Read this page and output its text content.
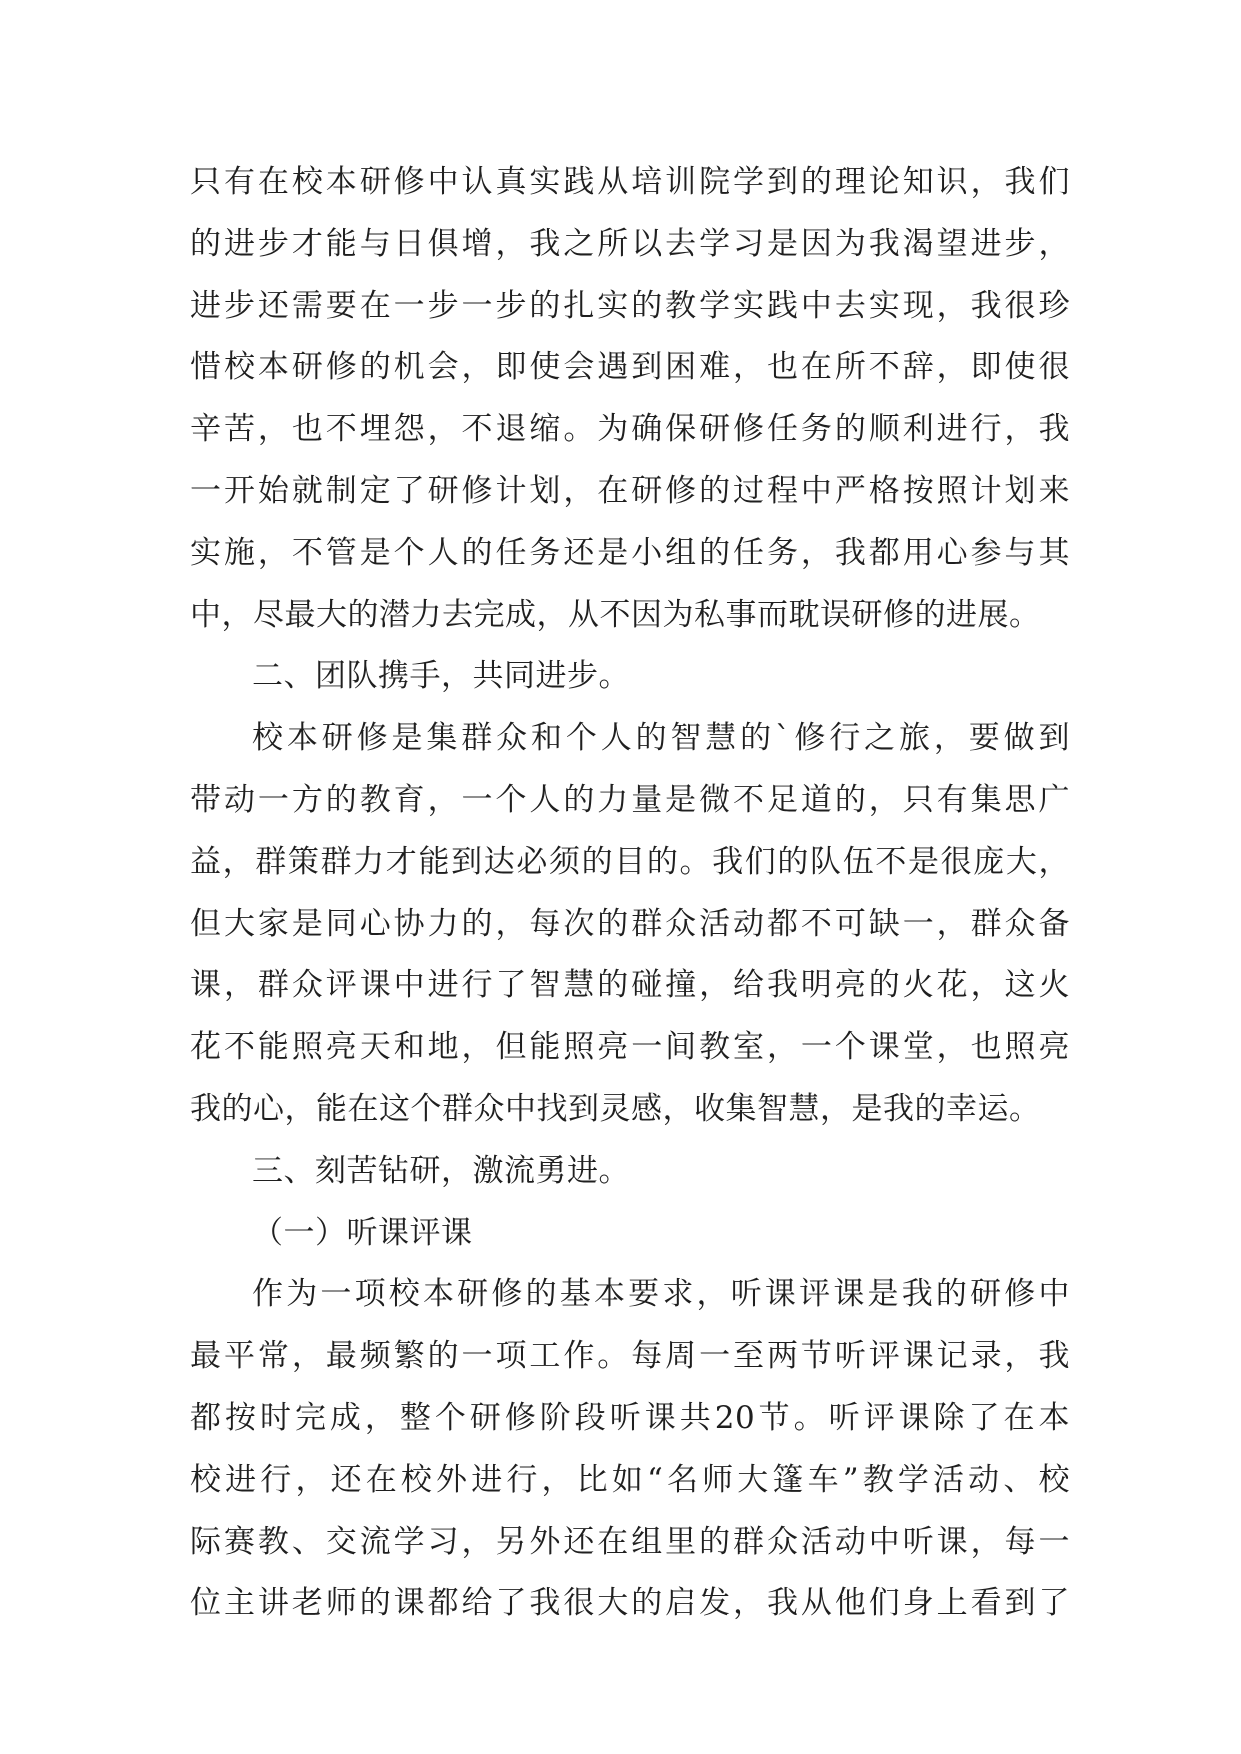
只有在校本研修中认真实践从培训院学到的理论知识，我们
的进步才能与日俱增，我之所以去学习是因为我渴望进步，
进步还需要在一步一步的扎实的教学实践中去实现，我很珍
惜校本研修的机会，即使会遇到困难，也在所不辞，即使很
辛苦，也不埋怨，不退缩。为确保研修任务的顺利进行，我
一开始就制定了研修计划，在研修的过程中严格按照计划来
实施，不管是个人的任务还是小组的任务，我都用心参与其
中，尽最大的潜力去完成，从不因为私事而耽误研修的进展。
二、团队携手，共同进步。
校本研修是集群众和个人的智慧的`修行之旅，要做到
带动一方的教育，一个人的力量是微不足道的，只有集思广
益，群策群力才能到达必须的目的。我们的队伍不是很庞大，
但大家是同心协力的，每次的群众活动都不可缺一，群众备
课，群众评课中进行了智慧的碰撞，给我明亮的火花，这火
花不能照亮天和地，但能照亮一间教室，一个课堂，也照亮
我的心，能在这个群众中找到灵感，收集智慧，是我的幸运。
三、刻苦钻研，激流勇进。
（一）听课评课
作为一项校本研修的基本要求，听课评课是我的研修中
最平常，最频繁的一项工作。每周一至两节听评课记录，我
都按时完成，整个研修阶段听课共20节。听评课除了在本
校进行，还在校外进行，比如“名师大篷车”教学活动、校
际赛教、交流学习，另外还在组里的群众活动中听课，每一
位主讲老师的课都给了我很大的启发，我从他们身上看到了
